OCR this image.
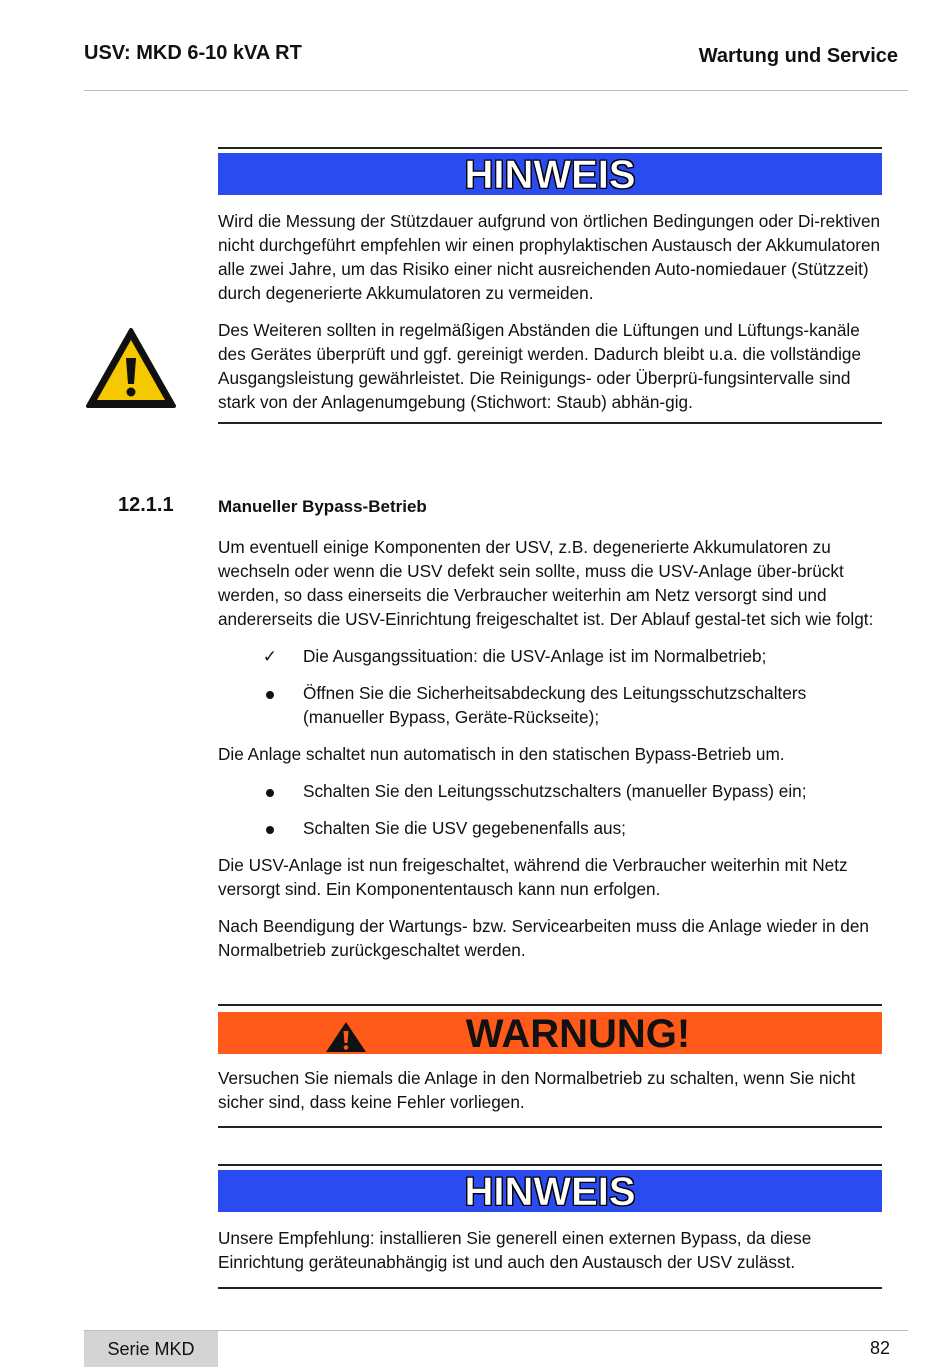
USV: MKD 6-10 kVA RT	Wartung und Service
HINWEIS

Wird die Messung der Stützdauer aufgrund von örtlichen Bedingungen oder Di-rektiven nicht durchgeführt empfehlen wir einen prophylaktischen Austausch der Akkumulatoren alle zwei Jahre, um das Risiko einer nicht ausreichenden Auto-nomiedauer (Stützzeit) durch degenerierte Akkumulatoren zu vermeiden.

Des Weiteren sollten in regelmäßigen Abständen die Lüftungen und Lüftungs-kanäle des Gerätes überprüft und ggf. gereinigt werden. Dadurch bleibt u.a. die vollständige Ausgangsleistung gewährleistet. Die Reinigungs- oder Überprü-fungsintervalle sind stark von der Anlagenumgebung (Stichwort: Staub) abhän-gig.

12.1.1	Manueller Bypass-Betrieb

Um eventuell einige Komponenten der USV, z.B. degenerierte Akkumulatoren zu wechseln oder wenn die USV defekt sein sollte, muss die USV-Anlage über-brückt werden, so dass einerseits die Verbraucher weiterhin am Netz versorgt sind und andererseits die USV-Einrichtung freigeschaltet ist. Der Ablauf gestal-tet sich wie folgt:

✓ Die Ausgangssituation: die USV-Anlage ist im Normalbetrieb;
Öffnen Sie die Sicherheitsabdeckung des Leitungsschutzschalters (manueller Bypass, Geräte-Rückseite);

Die Anlage schaltet nun automatisch in den statischen Bypass-Betrieb um.

Schalten Sie den Leitungsschutzschalters (manueller Bypass) ein;
Schalten Sie die USV gegebenenfalls aus;

Die USV-Anlage ist nun freigeschaltet, während die Verbraucher weiterhin mit Netz versorgt sind. Ein Komponententausch kann nun erfolgen.

Nach Beendigung der Wartungs- bzw. Servicearbeiten muss die Anlage wieder in den Normalbetrieb zurückgeschaltet werden.

WARNUNG!

Versuchen Sie niemals die Anlage in den Normalbetrieb zu schalten, wenn Sie nicht sicher sind, dass keine Fehler vorliegen.

HINWEIS

Unsere Empfehlung: installieren Sie generell einen externen Bypass, da diese Einrichtung geräteunabhängig ist und auch den Austausch der USV zulässt.

Serie MKD	82
